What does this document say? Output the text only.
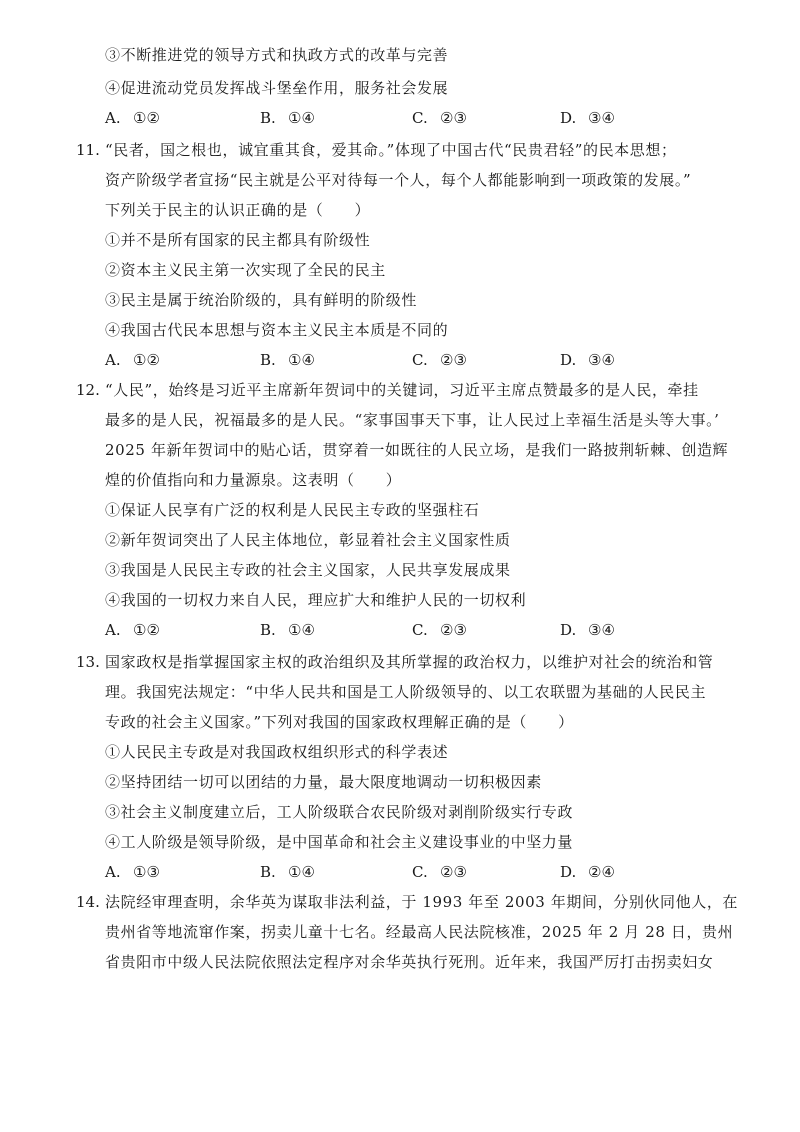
③不断推进党的领导方式和执政方式的改革与完善
④促进流动党员发挥战斗堡垒作用，服务社会发展
A. ①②	B. ①④	C. ②③	D. ③④
11. “民者，国之根也，诚宜重其食，爱其命。”体现了中国古代“民贵君轻”的民本思想；
资产阶级学者宣扬“民主就是公平对待每一个人，每个人都能影响到一项政策的发展。”
下列关于民主的认识正确的是（　　）
①并不是所有国家的民主都具有阶级性
②资本主义民主第一次实现了全民的民主
③民主是属于统治阶级的，具有鲜明的阶级性
④我国古代民本思想与资本主义民主本质是不同的
A. ①②	B. ①④	C. ②③	D. ③④
12. “人民”，始终是习近平主席新年贺词中的关键词，习近平主席点赞最多的是人民，牵挂
最多的是人民，祝福最多的是人民。“家事国事天下事，让人民过上幸福生活是头等大事。’
2025 年新年贺词中的贴心话，贯穿着一如既往的人民立场，是我们一路披荆斩棘、创造辉
煌的价值指向和力量源泉。这表明（　　）
①保证人民享有广泛的权利是人民民主专政的坚强柱石
②新年贺词突出了人民主体地位，彰显着社会主义国家性质
③我国是人民民主专政的社会主义国家，人民共享发展成果
④我国的一切权力来自人民，理应扩大和维护人民的一切权利
A. ①②	B. ①④	C. ②③	D. ③④
13. 国家政权是指掌握国家主权的政治组织及其所掌握的政治权力，以维护对社会的统治和管
理。我国宪法规定：“中华人民共和国是工人阶级领导的、以工农联盟为基础的人民民主
专政的社会主义国家。”下列对我国的国家政权理解正确的是（　　）
①人民民主专政是对我国政权组织形式的科学表述
②坚持团结一切可以团结的力量，最大限度地调动一切积极因素
③社会主义制度建立后，工人阶级联合农民阶级对剥削阶级实行专政
④工人阶级是领导阶级，是中国革命和社会主义建设事业的中坚力量
A. ①③	B. ①④	C. ②③	D. ②④
14. 法院经审理查明，余华英为谋取非法利益，于 1993 年至 2003 年期间，分别伙同他人，在
贵州省等地流窜作案，拐卖儿童十七名。经最高人民法院核准，2025 年 2 月 28 日，贵州
省贵阳市中级人民法院依照法定程序对余华英执行死刑。近年来，我国严厉打击拐卖妇女
